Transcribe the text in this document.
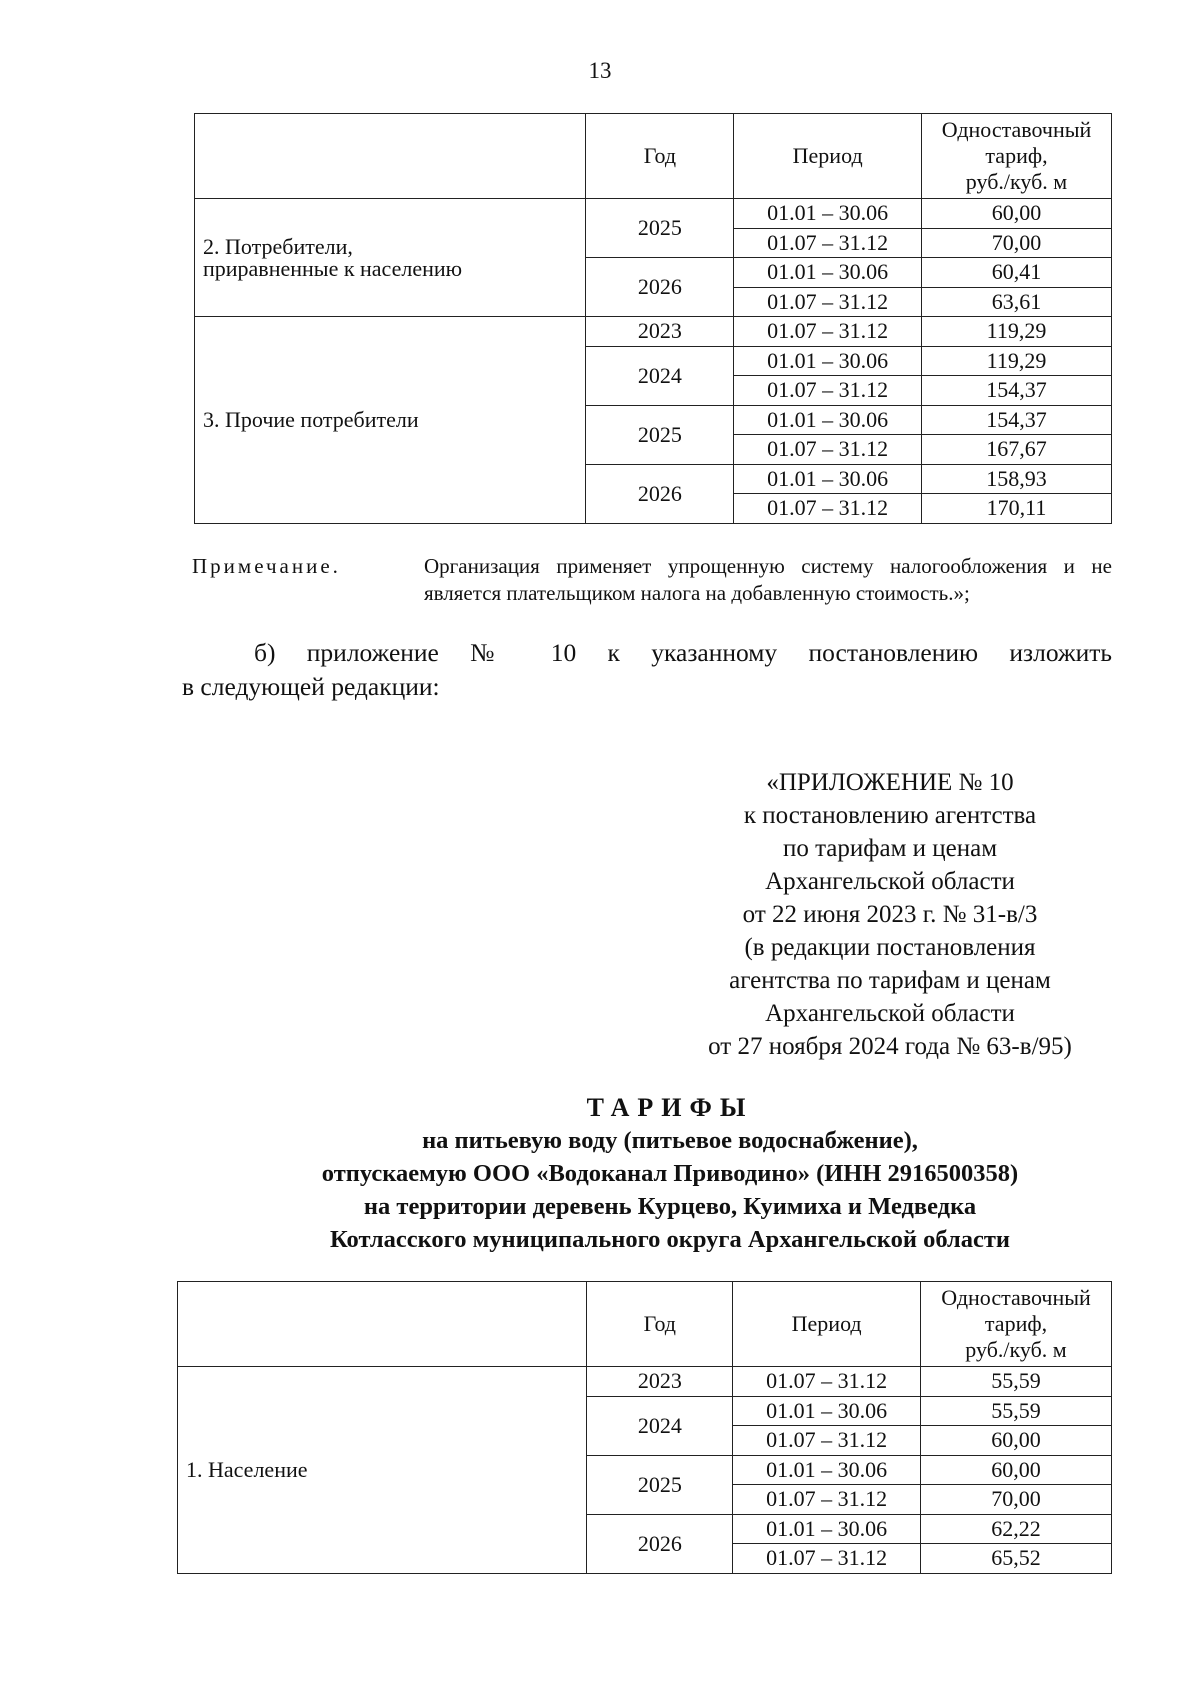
13
	Год	Период	Одноставочный
тариф,
руб./куб. м

2. Потребители,
приравненные к населению	2025	01.01 – 30.06	60,00
		01.07 – 31.12	70,00
	2026	01.01 – 30.06	60,41
		01.07 – 31.12	63,61

3. Прочие потребители	2023	01.07 – 31.12	119,29
	2024	01.01 – 30.06	119,29
		01.07 – 31.12	154,37
	2025	01.01 – 30.06	154,37
		01.07 – 31.12	167,67
	2026	01.01 – 30.06	158,93
		01.07 – 31.12	170,11
Примечание.	Организация применяет упрощенную систему налогообложения и не является плательщиком налога на добавленную стоимость.»;
б) приложение № 10 к указанному постановлению изложить
в следующей редакции:
«ПРИЛОЖЕНИЕ № 10
к постановлению агентства
по тарифам и ценам
Архангельской области
от 22 июня 2023 г. № 31-в/3
(в редакции постановления
агентства по тарифам и ценам
Архангельской области
от 27 ноября 2024 года № 63-в/95)
ТАРИФЫ
на питьевую воду (питьевое водоснабжение),
отпускаемую ООО «Водоканал Приводино» (ИНН 2916500358)
на территории деревень Курцево, Куимиха и Медведка
Котласского муниципального округа Архангельской области
	Год	Период	Одноставочный
тариф,
руб./куб. м

1. Население	2023	01.07 – 31.12	55,59
	2024	01.01 – 30.06	55,59
		01.07 – 31.12	60,00
	2025	01.01 – 30.06	60,00
		01.07 – 31.12	70,00
	2026	01.01 – 30.06	62,22
		01.07 – 31.12	65,52
